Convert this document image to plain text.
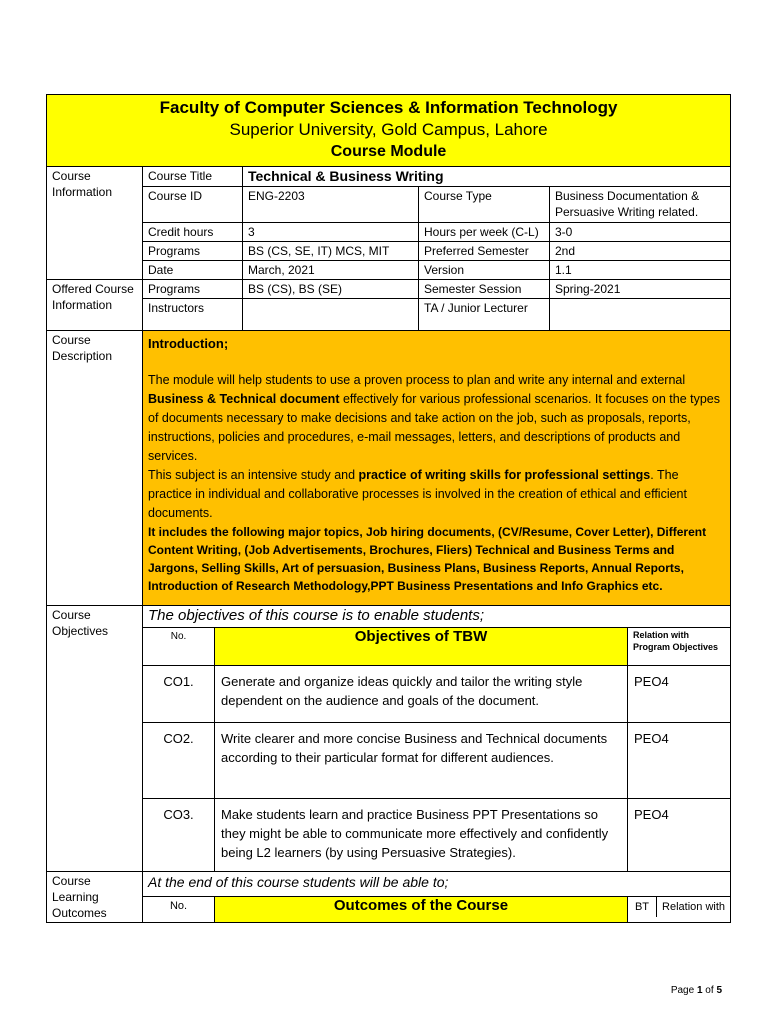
Faculty of Computer Sciences & Information Technology
Superior University, Gold Campus, Lahore
Course Module						

Course Information	Course Title		Technical & Business Writing			
	Course ID		ENG-2203	Course Type	Business Documentation & Persuasive Writing related.	
	Credit hours		3	Hours per week (C-L)	3-0	
	Programs		BS (CS, SE, IT) MCS, MIT	Preferred Semester	2nd	
	Date		March, 2021	Version	1.1	
Offered Course Information	Programs		BS (CS), BS (SE)	Semester Session	Spring-2021	
	Instructors			TA / Junior Lecturer		
Course Description	Introduction;

The module will help students to use a proven process to plan and write any internal and external Business & Technical document effectively for various professional scenarios. It focuses on the types of documents necessary to make decisions and take action on the job, such as proposals, reports, instructions, policies and procedures, e-mail messages, letters, and descriptions of products and services.

This subject is an intensive study and practice of writing skills for professional settings. The practice in individual and collaborative processes is involved in the creation of ethical and efficient documents.

It includes the following major topics, Job hiring documents, (CV/Resume, Cover Letter), Different Content Writing, (Job Advertisements, Brochures, Fliers) Technical and Business Terms and Jargons, Selling Skills, Art of persuasion, Business Plans, Business Reports, Annual Reports, Introduction of Research Methodology,PPT Business Presentations and Info Graphics etc.					

Course Objectives	The objectives of this course is to enable students;					
	No.	Objectives of TBW				Relation with Program Objectives
	CO1.	Generate and organize ideas quickly and tailor the writing style dependent on the audience and goals of the document.				PEO4
	CO2.	Write clearer and more concise Business and Technical documents according to their particular format for different audiences.				PEO4
	CO3.	Make students learn and practice Business PPT Presentations so they might be able to communicate more effectively and confidently being L2 learners (by using Persuasive Strategies).				PEO4
Course Learning Outcomes	At the end of this course students will be able to;					
	No.	Outcomes of the Course				BT Relation with
Page 1 of 5
